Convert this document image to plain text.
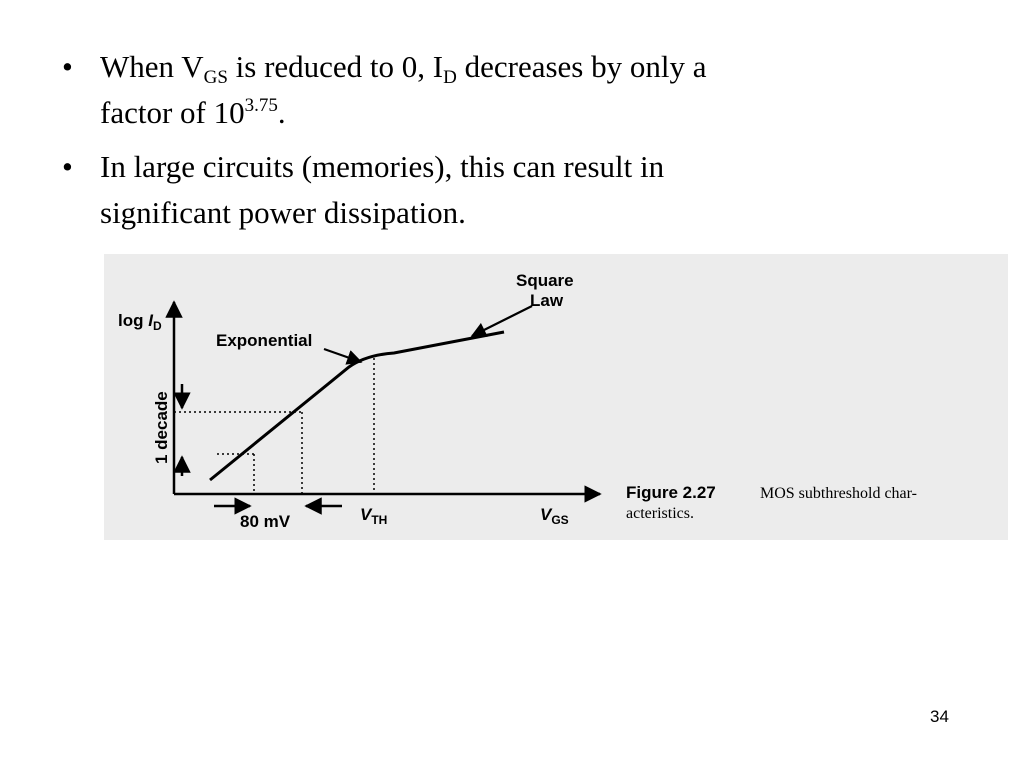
• When $V_{GS}$ is reduced to 0, $I_D$ decreases by only a
factor of $10^{3.75}$.
• In large circuits (memories), this can result in
significant power dissipation.
$\log I_D$
Exponential
Square
Law
1 decade
80 mV	$V_{TH}$	$V_{GS}$
Figure 2.27	MOS subthreshold char-
acteristics.
34
